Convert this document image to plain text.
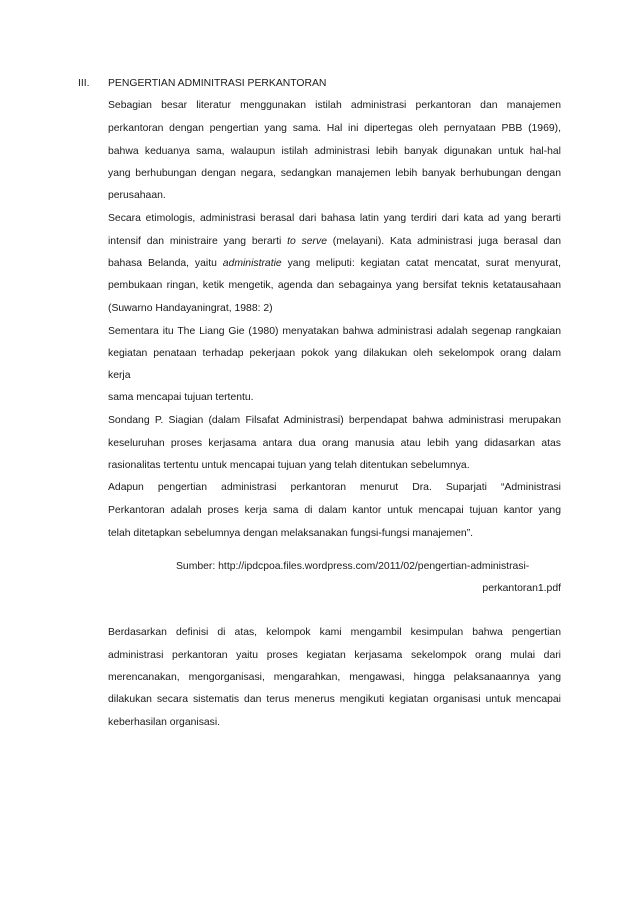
III. PENGERTIAN ADMINITRASI PERKANTORAN
Sebagian besar literatur menggunakan istilah administrasi perkantoran dan manajemen
perkantoran dengan pengertian yang sama. Hal ini dipertegas oleh pernyataan PBB (1969),
bahwa keduanya sama, walaupun istilah administrasi lebih banyak digunakan untuk hal-hal
yang berhubungan dengan negara, sedangkan manajemen lebih banyak berhubungan dengan
perusahaan.
Secara etimologis, administrasi berasal dari bahasa latin yang terdiri dari kata ad yang berarti
intensif dan ministraire yang berarti to serve (melayani). Kata administrasi juga berasal dan
bahasa Belanda, yaitu administratie yang meliputi: kegiatan catat mencatat, surat menyurat,
pembukaan ringan, ketik mengetik, agenda dan sebagainya yang bersifat teknis ketatausahaan
(Suwarno Handayaningrat, 1988: 2)
Sementara itu The Liang Gie (1980) menyatakan bahwa administrasi adalah segenap rangkaian
kegiatan penataan terhadap pekerjaan pokok yang dilakukan oleh sekelompok orang dalam
kerja
sama mencapai tujuan tertentu.
Sondang P. Siagian (dalam Filsafat Administrasi) berpendapat bahwa administrasi merupakan
keseluruhan proses kerjasama antara dua orang manusia atau lebih yang didasarkan atas
rasionalitas tertentu untuk mencapai tujuan yang telah ditentukan sebelumnya.
Adapun pengertian administrasi perkantoran menurut Dra. Suparjati “Administrasi
Perkantoran adalah proses kerja sama di dalam kantor untuk mencapai tujuan kantor yang
telah ditetapkan sebelumnya dengan melaksanakan fungsi-fungsi manajemen”.
Sumber: http://ipdcpoa.files.wordpress.com/2011/02/pengertian-administrasi-
perkantoran1.pdf
Berdasarkan definisi di atas, kelompok kami mengambil kesimpulan bahwa pengertian
administrasi perkantoran yaitu proses kegiatan kerjasama sekelompok orang mulai dari
merencanakan, mengorganisasi, mengarahkan, mengawasi, hingga pelaksanaannya yang
dilakukan secara sistematis dan terus menerus mengikuti kegiatan organisasi untuk mencapai
keberhasilan organisasi.
